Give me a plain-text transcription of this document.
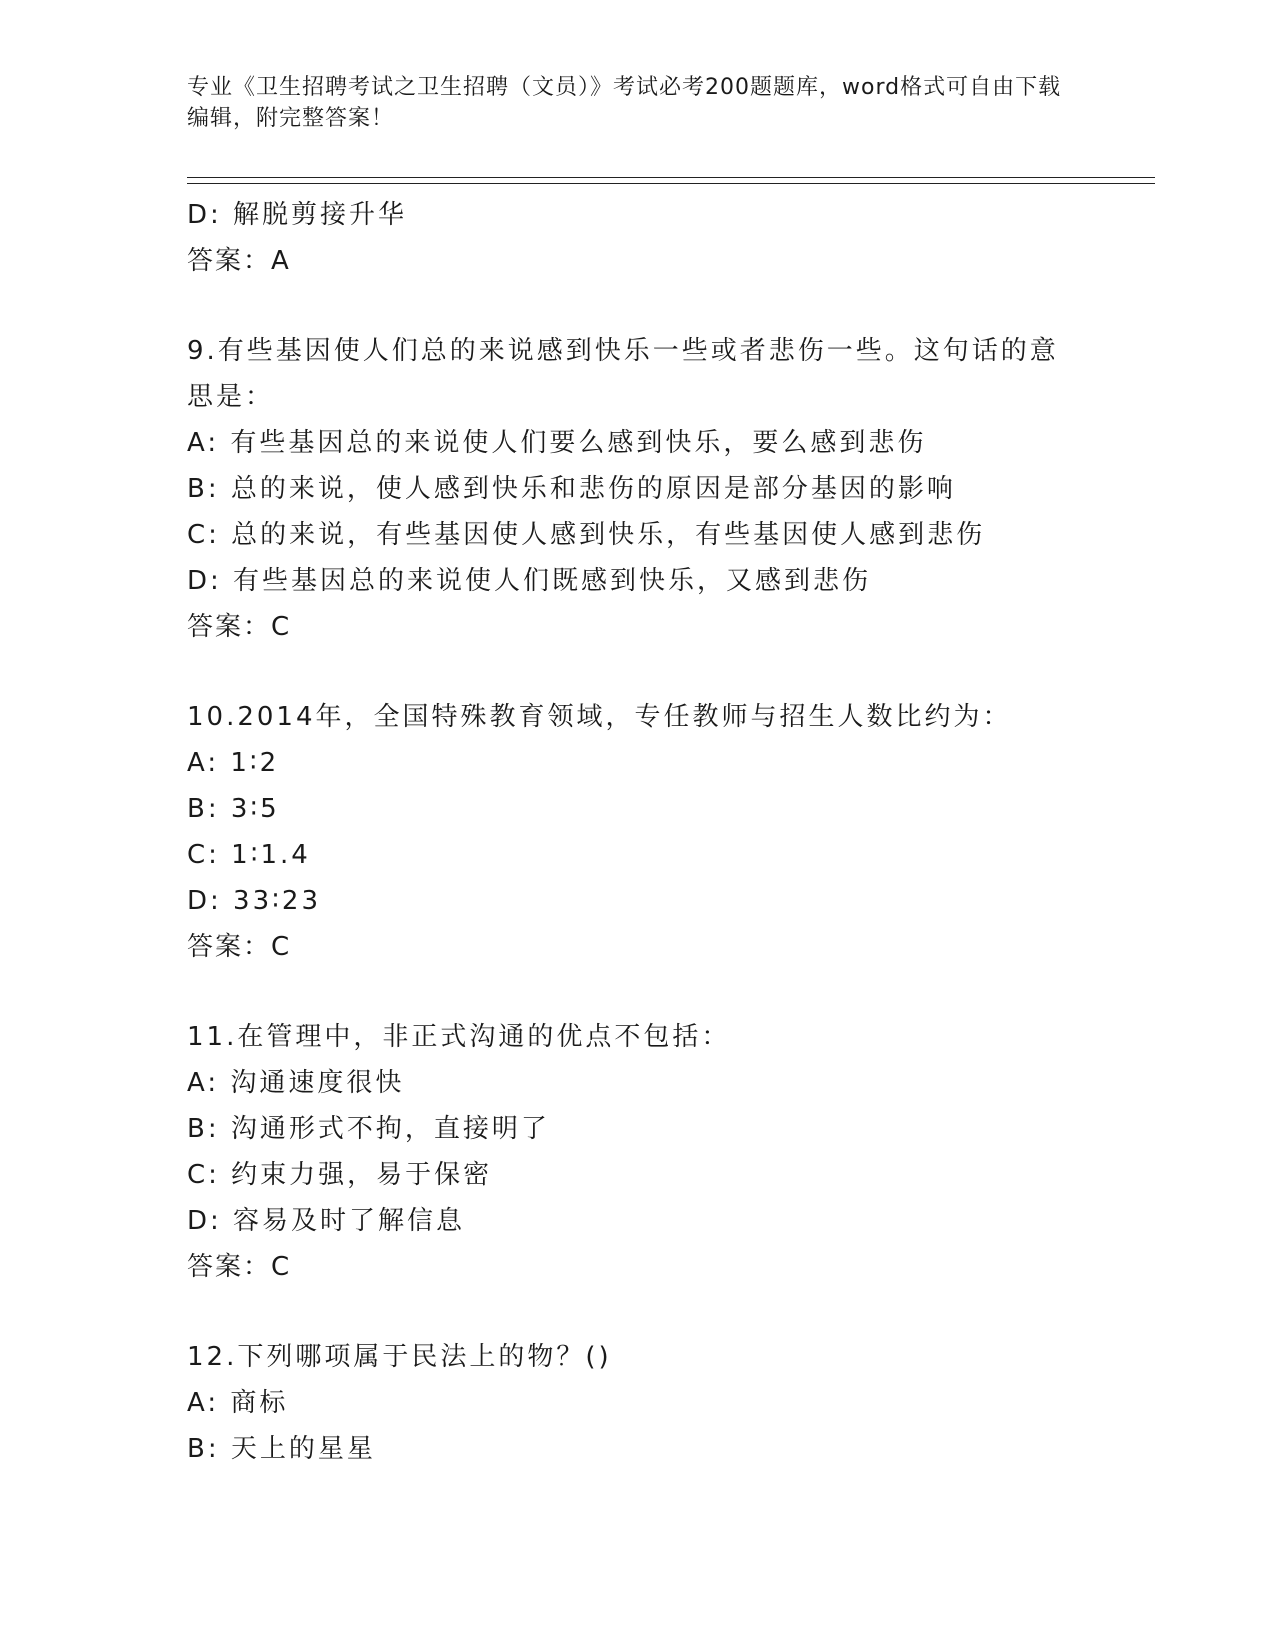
专业《卫生招聘考试之卫生招聘（文员）》考试必考200题题库，word格式可自由下载编辑，附完整答案！
D: 解脱剪接升华
答案：A
9.有些基因使人们总的来说感到快乐一些或者悲伤一些。这句话的意思是：
A: 有些基因总的来说使人们要么感到快乐，要么感到悲伤
B: 总的来说，使人感到快乐和悲伤的原因是部分基因的影响
C: 总的来说，有些基因使人感到快乐，有些基因使人感到悲伤
D: 有些基因总的来说使人们既感到快乐，又感到悲伤
答案：C
10.2014年，全国特殊教育领域，专任教师与招生人数比约为：
A: 1∶2
B: 3∶5
C: 1∶1.4
D: 33∶23
答案：C
11.在管理中，非正式沟通的优点不包括：
A: 沟通速度很快
B: 沟通形式不拘，直接明了
C: 约束力强，易于保密
D: 容易及时了解信息
答案：C
12.下列哪项属于民法上的物？()
A: 商标
B: 天上的星星
